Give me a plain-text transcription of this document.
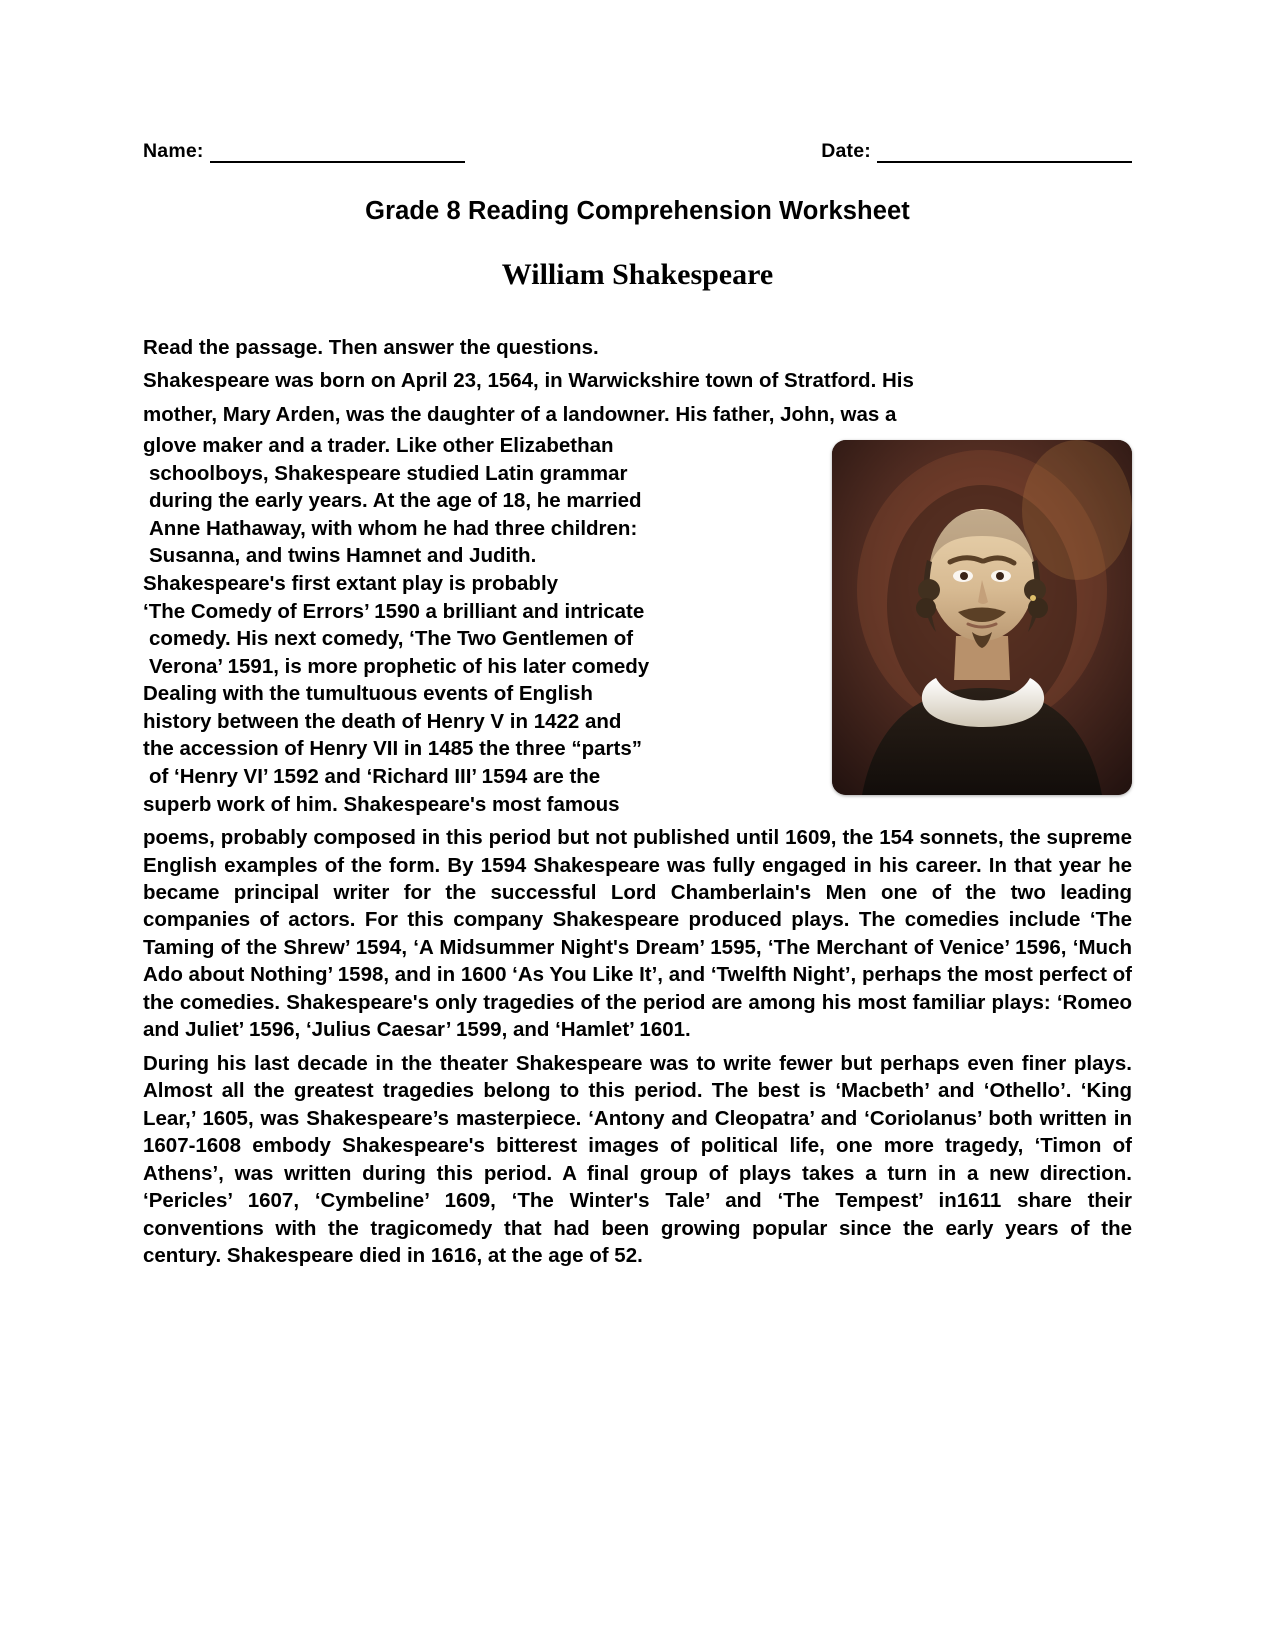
Name:	Date:
Grade 8 Reading Comprehension Worksheet
William Shakespeare

Read the passage. Then answer the questions.

Shakespeare was born on April 23, 1564, in Warwickshire town of Stratford. His

mother, Mary Arden, was the daughter of a landowner. His father, John, was a

glove maker and a trader. Like other Elizabethan
schoolboys, Shakespeare studied Latin grammar
during the early years. At the age of 18, he married
Anne Hathaway, with whom he had three children:
Susanna, and twins Hamnet and Judith.
Shakespeare's first extant play is probably
‘The Comedy of Errors’ 1590 a brilliant and intricate
comedy. His next comedy, ‘The Two Gentlemen of
Verona’ 1591, is more prophetic of his later comedy
Dealing with the tumultuous events of English
history between the death of Henry V in 1422 and
the accession of Henry VII in 1485 the three “parts”
of ‘Henry VI’ 1592 and ‘Richard III’ 1594 are the
superb work of him. Shakespeare's most famous

poems, probably composed in this period but not published until 1609, the 154 sonnets, the supreme English examples of the form. By 1594 Shakespeare was fully engaged in his career. In that year he became principal writer for the successful Lord Chamberlain's Men one of the two leading companies of actors. For this company Shakespeare produced plays. The comedies include ‘The Taming of the Shrew’ 1594, ‘A Midsummer Night's Dream’ 1595, ‘The Merchant of Venice’ 1596, ‘Much Ado about Nothing’ 1598, and in 1600 ‘As You Like It’, and ‘Twelfth Night’, perhaps the most perfect of the comedies. Shakespeare's only tragedies of the period are among his most familiar plays: ‘Romeo and Juliet’ 1596, ‘Julius Caesar’ 1599, and ‘Hamlet’ 1601.

During his last decade in the theater Shakespeare was to write fewer but perhaps even finer plays. Almost all the greatest tragedies belong to this period. The best is ‘Macbeth’ and ‘Othello’. ‘King Lear,’ 1605, was Shakespeare’s masterpiece. ‘Antony and Cleopatra’ and ‘Coriolanus’ both written in 1607-1608 embody Shakespeare's bitterest images of political life, one more tragedy, ‘Timon of Athens’, was written during this period. A final group of plays takes a turn in a new direction. ‘Pericles’ 1607, ‘Cymbeline’ 1609, ‘The Winter's Tale’ and ‘The Tempest’ in1611 share their conventions with the tragicomedy that had been growing popular since the early years of the century. Shakespeare died in 1616, at the age of 52.
